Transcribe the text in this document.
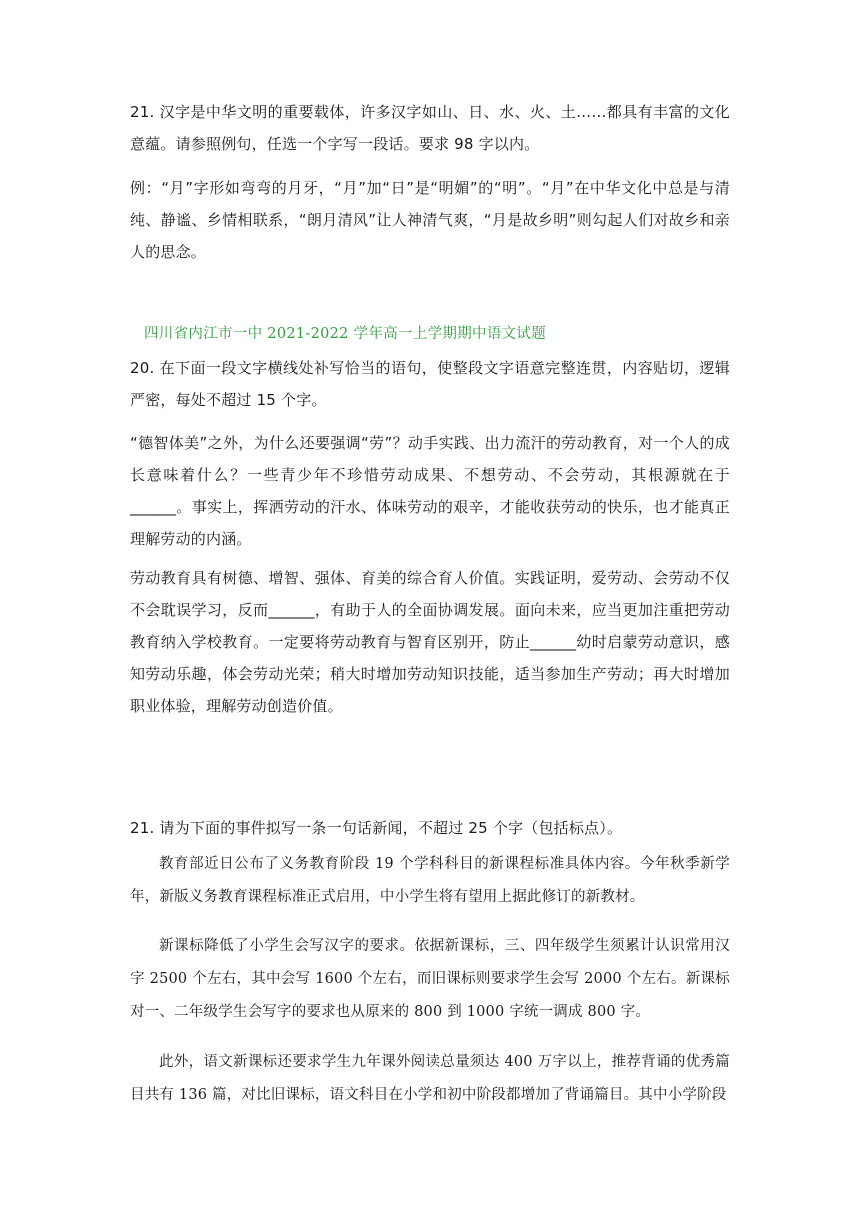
21. 汉字是中华文明的重要载体，许多汉字如山、日、水、火、土……都具有丰富的文化意蕴。请参照例句，任选一个字写一段话。要求 98 字以内。

例：“月”字形如弯弯的月牙，“月”加“日”是“明媚”的“明”。“月”在中华文化中总是与清纯、静谧、乡情相联系，“朗月清风”让人神清气爽，“月是故乡明”则勾起人们对故乡和亲人的思念。

四川省内江市一中 2021-2022 学年高一上学期期中语文试题

20. 在下面一段文字横线处补写恰当的语句，使整段文字语意完整连贯，内容贴切，逻辑严密，每处不超过 15 个字。

“德智体美”之外，为什么还要强调“劳”？动手实践、出力流汗的劳动教育，对一个人的成长意味着什么？一些青少年不珍惜劳动成果、不想劳动、不会劳动，其根源就在于______。事实上，挥洒劳动的汗水、体味劳动的艰辛，才能收获劳动的快乐，也才能真正理解劳动的内涵。

劳动教育具有树德、增智、强体、育美的综合育人价值。实践证明，爱劳动、会劳动不仅不会耽误学习，反而______，有助于人的全面协调发展。面向未来，应当更加注重把劳动教育纳入学校教育。一定要将劳动教育与智育区别开，防止______幼时启蒙劳动意识，感知劳动乐趣，体会劳动光荣；稍大时增加劳动知识技能，适当参加生产劳动；再大时增加职业体验，理解劳动创造价值。

21. 请为下面的事件拟写一条一句话新闻，不超过 25 个字（包括标点）。

教育部近日公布了义务教育阶段 19 个学科科目的新课程标准具体内容。今年秋季新学年，新版义务教育课程标准正式启用，中小学生将有望用上据此修订的新教材。

新课标降低了小学生会写汉字的要求。依据新课标，三、四年级学生须累计认识常用汉字 2500 个左右，其中会写 1600 个左右，而旧课标则要求学生会写 2000 个左右。新课标对一、二年级学生会写字的要求也从原来的 800 到 1000 字统一调成 800 字。

此外，语文新课标还要求学生九年课外阅读总量须达 400 万字以上，推荐背诵的优秀篇目共有 136 篇，对比旧课标，语文科目在小学和初中阶段都增加了背诵篇目。其中小学阶段
